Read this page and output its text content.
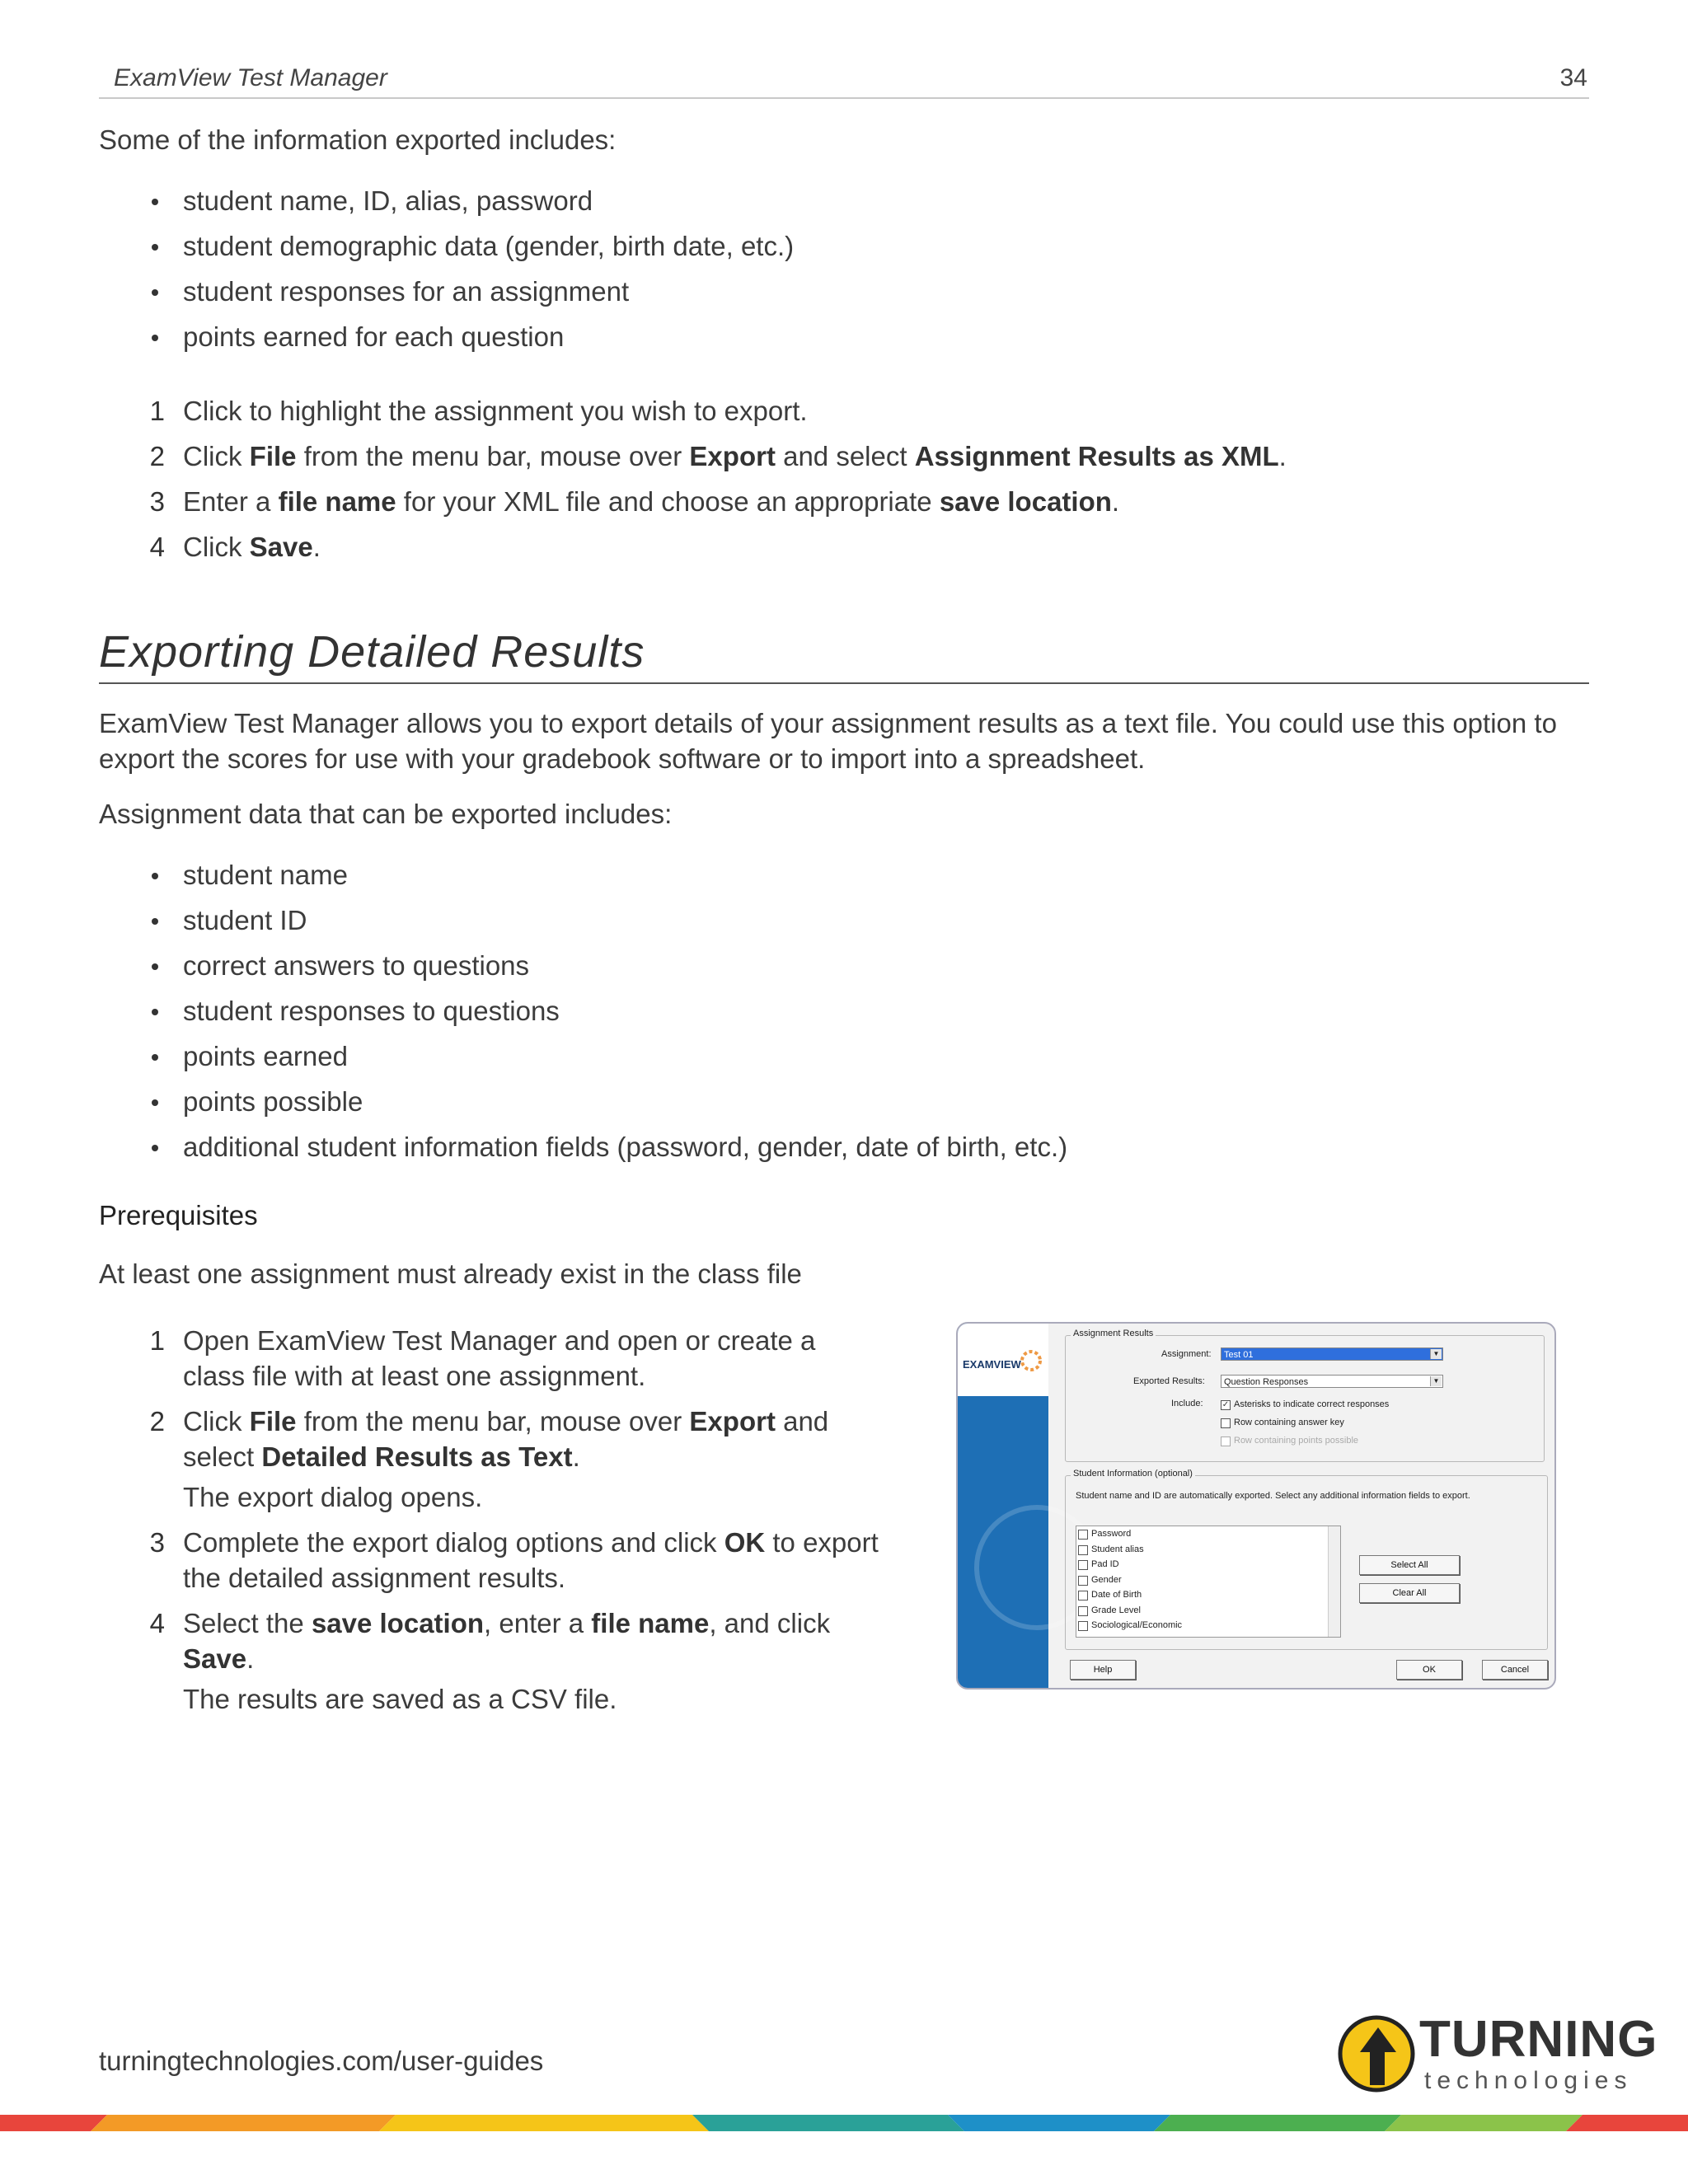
ExamView Test Manager	34
Some of the information exported includes:
student name, ID, alias, password
student demographic data (gender, birth date, etc.)
student responses for an assignment
points earned for each question
1 Click to highlight the assignment you wish to export.
2 Click File from the menu bar, mouse over Export and select Assignment Results as XML.
3 Enter a file name for your XML file and choose an appropriate save location.
4 Click Save.
Exporting Detailed Results
ExamView Test Manager allows you to export details of your assignment results as a text file. You could use this option to export the scores for use with your gradebook software or to import into a spreadsheet.
Assignment data that can be exported includes:
student name
student ID
correct answers to questions
student responses to questions
points earned
points possible
additional student information fields (password, gender, date of birth, etc.)
Prerequisites
At least one assignment must already exist in the class file
1 Open ExamView Test Manager and open or create a class file with at least one assignment.
2 Click File from the menu bar, mouse over Export and select Detailed Results as Text.
The export dialog opens.
3 Complete the export dialog options and click OK to export the detailed assignment results.
4 Select the save location, enter a file name, and click Save.
The results are saved as a CSV file.
EXAMVIEW
Assignment Results
Assignment:	Test 01	▼
Exported Results:	Question Responses	▼
Include: ✓ Asterisks to indicate correct responses
Row containing answer key
Row containing points possible
Student Information (optional)
Student name and ID are automatically exported. Select any additional information fields to export.
Password
Student alias
Pad ID
Gender
Date of Birth
Grade Level
Sociological/Economic
Select All
Clear All
Help	OK	Cancel
turningtechnologies.com/user-guides	TURNING
technologies
